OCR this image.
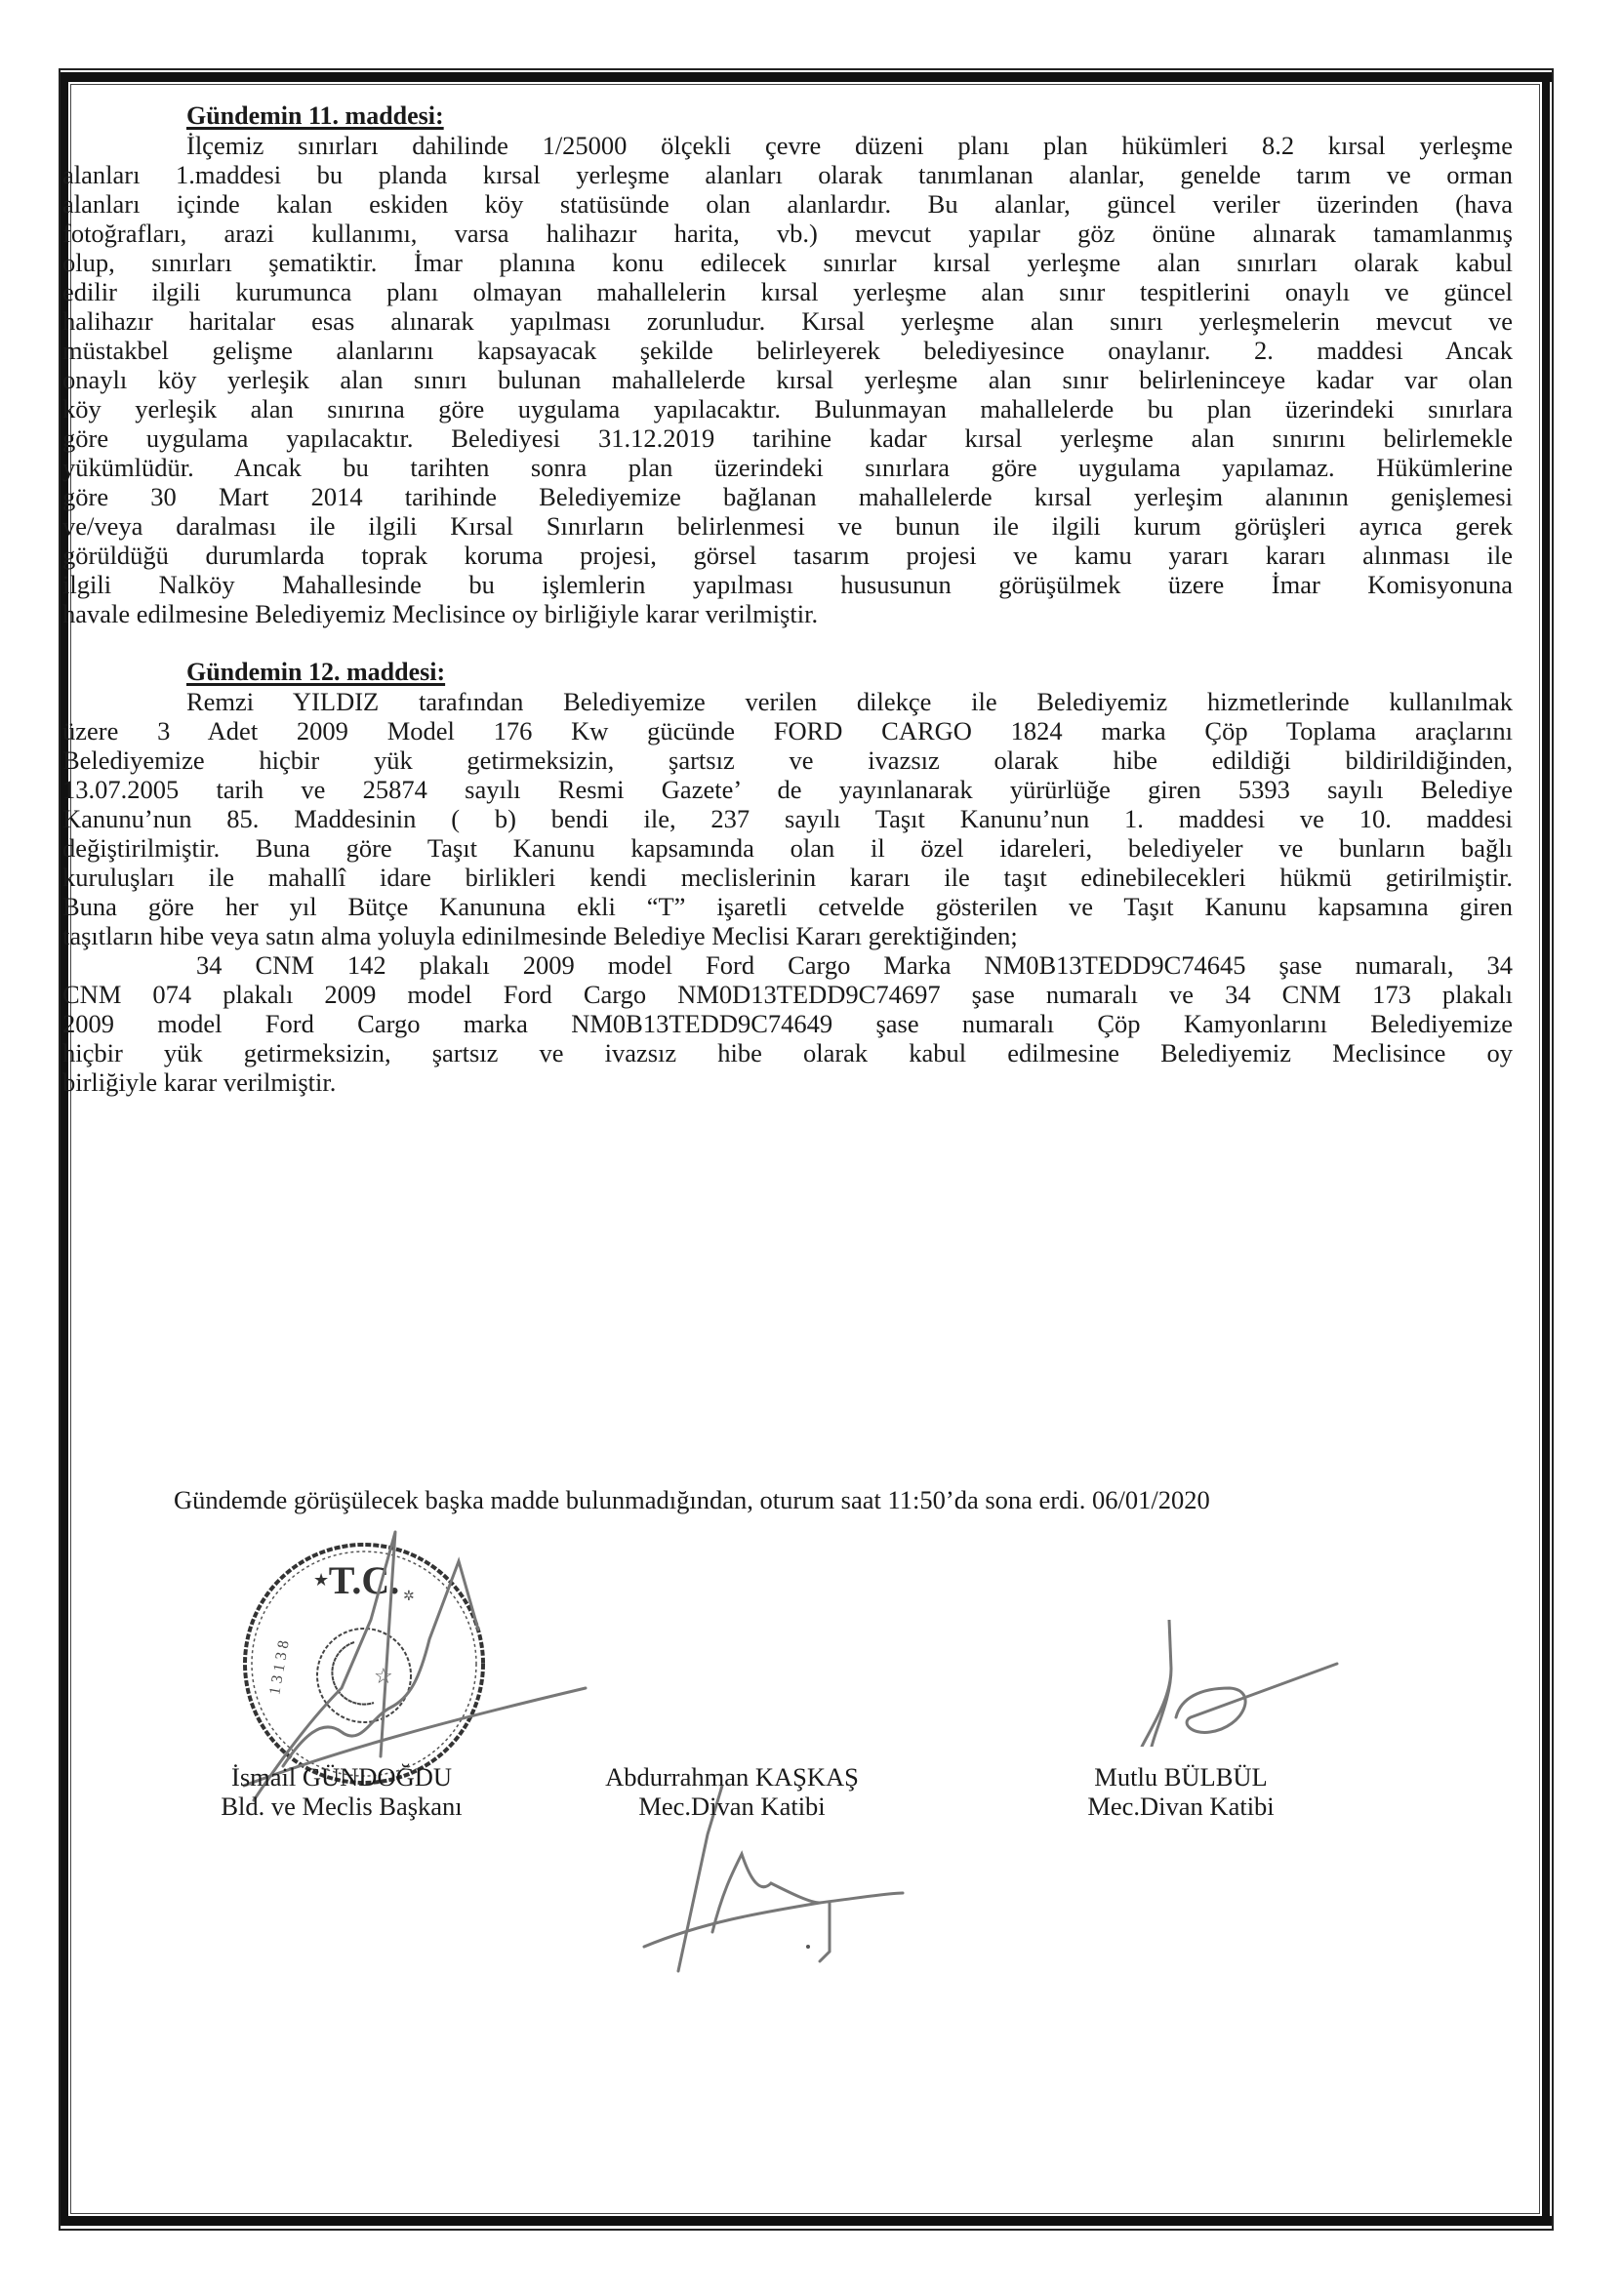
Gündemin 11. maddesi:
İlçemiz sınırları dahilinde 1/25000 ölçekli çevre düzeni planı plan hükümleri 8.2 kırsal yerleşme
alanları 1.maddesi bu planda kırsal yerleşme alanları olarak tanımlanan alanlar, genelde tarım ve orman
alanları içinde kalan eskiden köy statüsünde olan alanlardır. Bu alanlar, güncel veriler üzerinden (hava
fotoğrafları, arazi kullanımı, varsa halihazır harita, vb.) mevcut yapılar göz önüne alınarak tamamlanmış
olup, sınırları şematiktir. İmar planına konu edilecek sınırlar kırsal yerleşme alan sınırları olarak kabul
edilir ilgili kurumunca planı olmayan mahallelerin kırsal yerleşme alan sınır tespitlerini onaylı ve güncel
halihazır haritalar esas alınarak yapılması zorunludur. Kırsal yerleşme alan sınırı yerleşmelerin mevcut ve
müstakbel gelişme alanlarını kapsayacak şekilde belirleyerek belediyesince onaylanır. 2. maddesi Ancak
onaylı köy yerleşik alan sınırı bulunan mahallelerde kırsal yerleşme alan sınır belirleninceye kadar var olan
köy yerleşik alan sınırına göre uygulama yapılacaktır. Bulunmayan mahallelerde bu plan üzerindeki sınırlara
göre uygulama yapılacaktır. Belediyesi 31.12.2019 tarihine kadar kırsal yerleşme alan sınırını belirlemekle
yükümlüdür. Ancak bu tarihten sonra plan üzerindeki sınırlara göre uygulama yapılamaz. Hükümlerine
göre 30 Mart 2014 tarihinde Belediyemize bağlanan mahallelerde kırsal yerleşim alanının genişlemesi
ve/veya daralması ile ilgili Kırsal Sınırların belirlenmesi ve bunun ile ilgili kurum görüşleri ayrıca gerek
görüldüğü durumlarda toprak koruma projesi, görsel tasarım projesi ve kamu yararı kararı alınması ile
ilgili Nalköy Mahallesinde bu işlemlerin yapılması hususunun görüşülmek üzere İmar Komisyonuna
havale edilmesine Belediyemiz Meclisince oy birliğiyle karar verilmiştir.
Gündemin 12. maddesi:
Remzi YILDIZ tarafından Belediyemize verilen dilekçe ile Belediyemiz hizmetlerinde kullanılmak
üzere 3 Adet 2009 Model 176 Kw gücünde FORD CARGO 1824 marka Çöp Toplama araçlarını
Belediyemize hiçbir yük getirmeksizin, şartsız ve ivazsız olarak hibe edildiği bildirildiğinden,
13.07.2005 tarih ve 25874 sayılı Resmi Gazete’ de yayınlanarak yürürlüğe giren 5393 sayılı Belediye
Kanunu’nun 85. Maddesinin ( b) bendi ile, 237 sayılı Taşıt Kanunu’nun 1. maddesi ve 10. maddesi
değiştirilmiştir. Buna göre Taşıt Kanunu kapsamında olan il özel idareleri, belediyeler ve bunların bağlı
kuruluşları ile mahallî idare birlikleri kendi meclislerinin kararı ile taşıt edinebilecekleri hükmü getirilmiştir.
Buna göre her yıl Bütçe Kanununa ekli “T” işaretli cetvelde gösterilen ve Taşıt Kanunu kapsamına giren
taşıtların hibe veya satın alma yoluyla edinilmesinde Belediye Meclisi Kararı gerektiğinden;
34 CNM 142 plakalı 2009 model Ford Cargo Marka NM0B13TEDD9C74645 şase numaralı, 34
CNM 074 plakalı 2009 model Ford Cargo NM0D13TEDD9C74697 şase numaralı ve 34 CNM 173 plakalı
2009 model Ford Cargo marka NM0B13TEDD9C74649 şase numaralı Çöp Kamyonlarını Belediyemize
hiçbir yük getirmeksizin, şartsız ve ivazsız hibe olarak kabul edilmesine Belediyemiz Meclisince oy
birliğiyle karar verilmiştir.
Gündemde görüşülecek başka madde bulunmadığından, oturum saat 11:50’da sona erdi. 06/01/2020
T.C.
★
✲
☆
1 3 1 3 8
İsmail GÜNDOĞDU
Bld. ve Meclis Başkanı
Abdurrahman KAŞKAŞ
Mec.Divan Katibi
Mutlu BÜLBÜL
Mec.Divan Katibi
